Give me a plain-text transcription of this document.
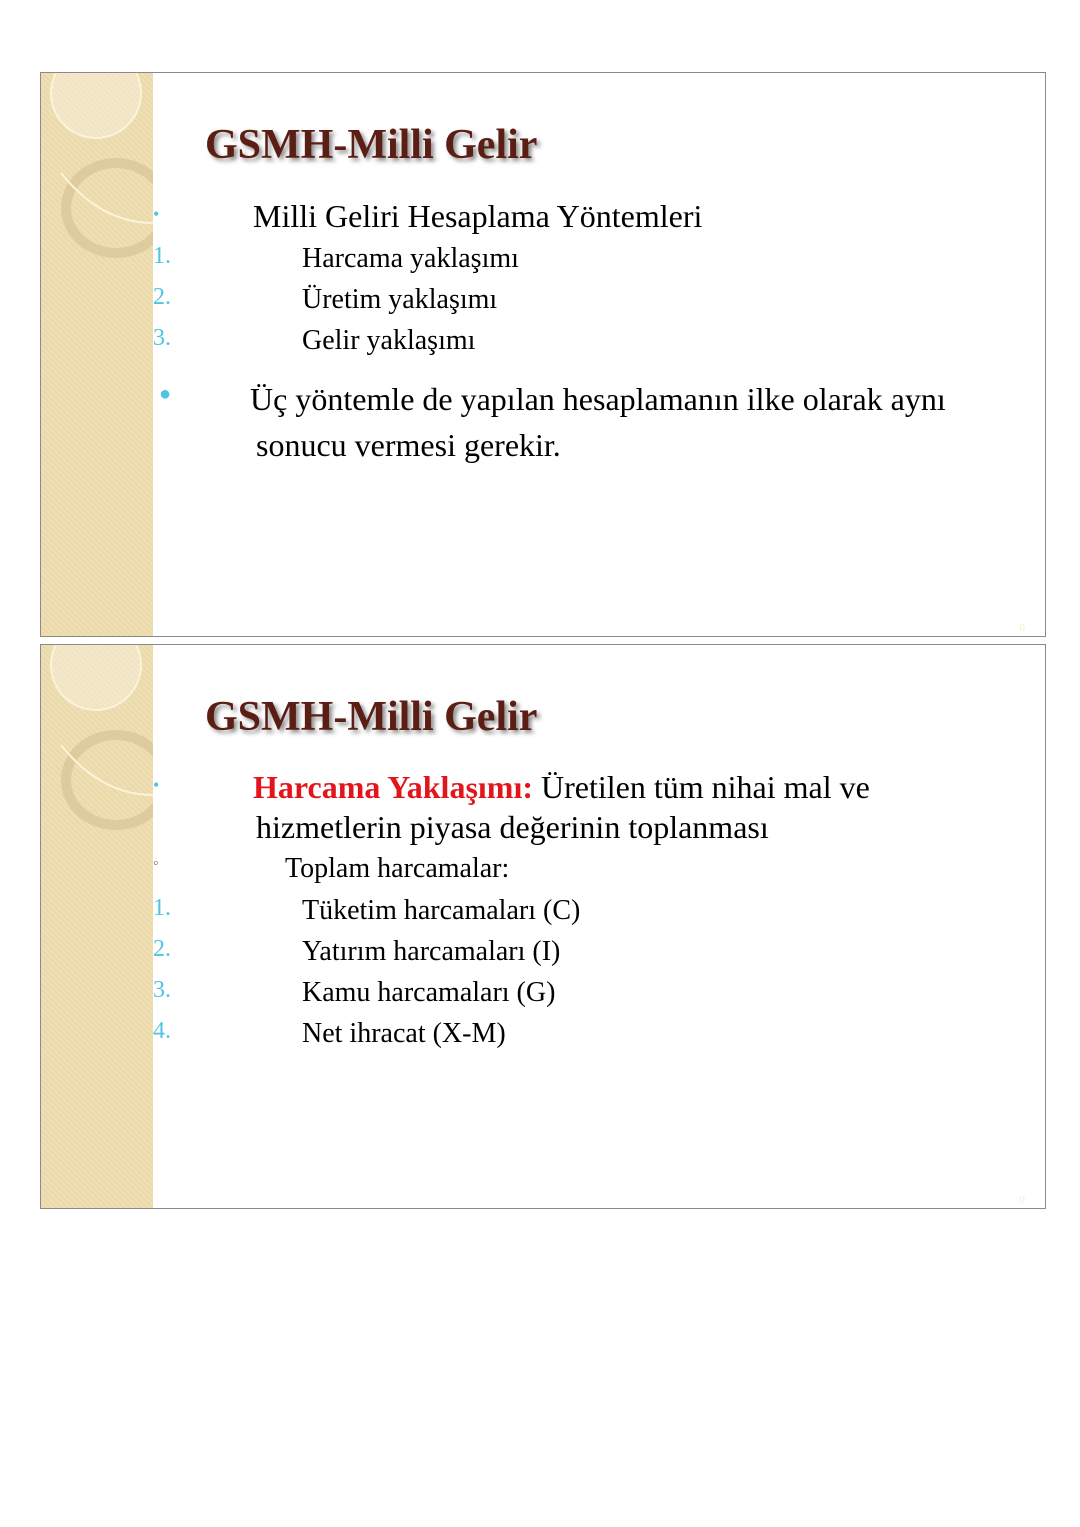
GSMH-Milli Gelir
•	Milli Geliri Hesaplama Yöntemleri
1.	Harcama yaklaşımı
2.	Üretim yaklaşımı
3.	Gelir yaklaşımı
● Üç yöntemle de yapılan hesaplamanın ilke olarak aynı
sonucu vermesi gerekir.
0
GSMH-Milli Gelir
•	Harcama Yaklaşımı: Üretilen tüm nihai mal ve
hizmetlerin piyasa değerinin toplanması
◦	Toplam harcamalar:
1.	Tüketim harcamaları (C)
2.	Yatırım harcamaları (I)
3.	Kamu harcamaları (G)
4.	Net ihracat (X-M)
0
